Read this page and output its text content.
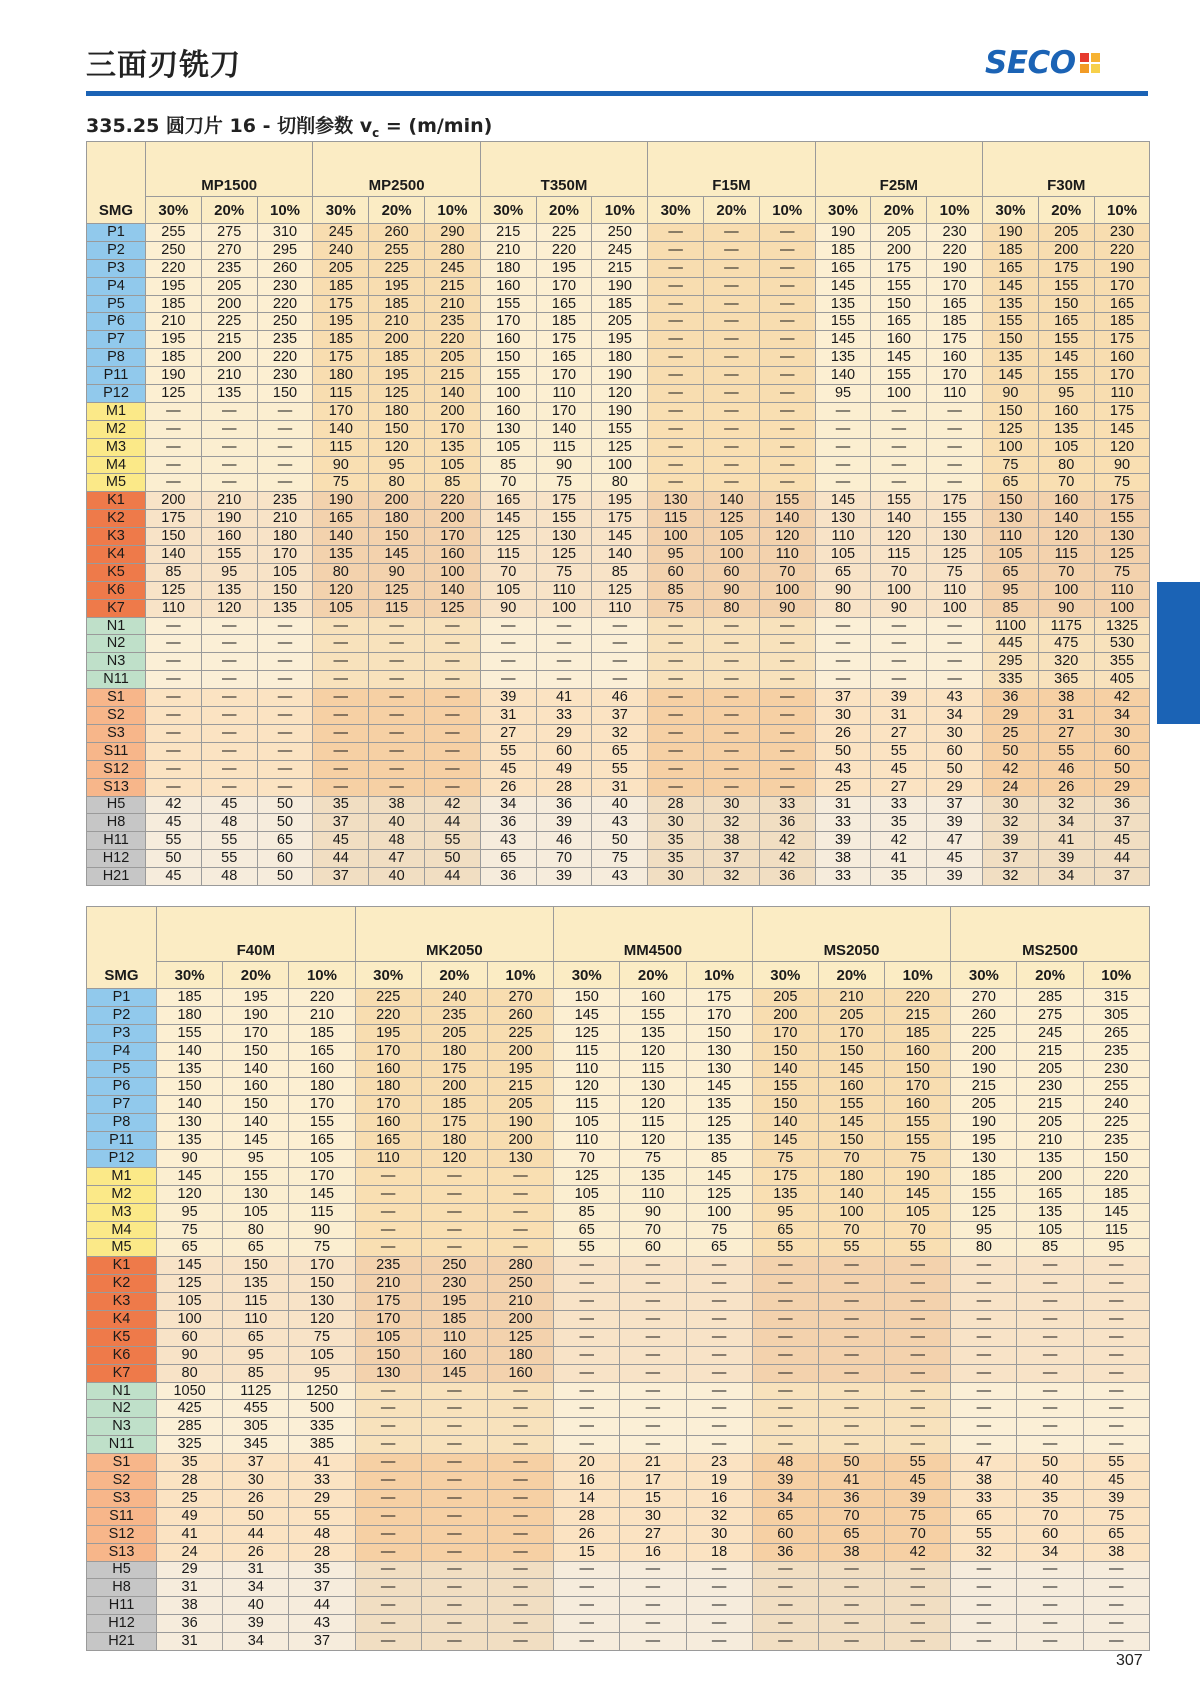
三面刃铣刀	SECO
335.25 圆刀片 16 - 切削参数 $v_c = (m/\min)$
SMG	MP1500			MP2500			T350M			F15M			F25M			F30M		
	30%	20%	10%	30%	20%	10%	30%	20%	10%	30%	20%	10%	30%	20%	10%	30%	20%	10%
P1	255	275	310	245	260	290	215	225	250	—	—	—	190	205	230	190	205	230
P2	250	270	295	240	255	280	210	220	245	—	—	—	185	200	220	185	200	220
P3	220	235	260	205	225	245	180	195	215	—	—	—	165	175	190	165	175	190
P4	195	205	230	185	195	215	160	170	190	—	—	—	145	155	170	145	155	170
P5	185	200	220	175	185	210	155	165	185	—	—	—	135	150	165	135	150	165
P6	210	225	250	195	210	235	170	185	205	—	—	—	155	165	185	155	165	185
P7	195	215	235	185	200	220	160	175	195	—	—	—	145	160	175	150	155	175
P8	185	200	220	175	185	205	150	165	180	—	—	—	135	145	160	135	145	160
P11	190	210	230	180	195	215	155	170	190	—	—	—	140	155	170	145	155	170
P12	125	135	150	115	125	140	100	110	120	—	—	—	95	100	110	90	95	110
M1	—	—	—	170	180	200	160	170	190	—	—	—	—	—	—	150	160	175
M2	—	—	—	140	150	170	130	140	155	—	—	—	—	—	—	125	135	145
M3	—	—	—	115	120	135	105	115	125	—	—	—	—	—	—	100	105	120
M4	—	—	—	90	95	105	85	90	100	—	—	—	—	—	—	75	80	90
M5	—	—	—	75	80	85	70	75	80	—	—	—	—	—	—	65	70	75
K1	200	210	235	190	200	220	165	175	195	130	140	155	145	155	175	150	160	175
K2	175	190	210	165	180	200	145	155	175	115	125	140	130	140	155	130	140	155
K3	150	160	180	140	150	170	125	130	145	100	105	120	110	120	130	110	120	130
K4	140	155	170	135	145	160	115	125	140	95	100	110	105	115	125	105	115	125
K5	85	95	105	80	90	100	70	75	85	60	60	70	65	70	75	65	70	75
K6	125	135	150	120	125	140	105	110	125	85	90	100	90	100	110	95	100	110
K7	110	120	135	105	115	125	90	100	110	75	80	90	80	90	100	85	90	100
N1	—	—	—	—	—	—	—	—	—	—	—	—	—	—	—	1100	1175	1325
N2	—	—	—	—	—	—	—	—	—	—	—	—	—	—	—	445	475	530
N3	—	—	—	—	—	—	—	—	—	—	—	—	—	—	—	295	320	355
N11	—	—	—	—	—	—	—	—	—	—	—	—	—	—	—	335	365	405
S1	—	—	—	—	—	—	39	41	46	—	—	—	37	39	43	36	38	42
S2	—	—	—	—	—	—	31	33	37	—	—	—	30	31	34	29	31	34
S3	—	—	—	—	—	—	27	29	32	—	—	—	26	27	30	25	27	30
S11	—	—	—	—	—	—	55	60	65	—	—	—	50	55	60	50	55	60
S12	—	—	—	—	—	—	45	49	55	—	—	—	43	45	50	42	46	50
S13	—	—	—	—	—	—	26	28	31	—	—	—	25	27	29	24	26	29
H5	42	45	50	35	38	42	34	36	40	28	30	33	31	33	37	30	32	36
H8	45	48	50	37	40	44	36	39	43	30	32	36	33	35	39	32	34	37
H11	55	55	65	45	48	55	43	46	50	35	38	42	39	42	47	39	41	45
H12	50	55	60	44	47	50	65	70	75	35	37	42	38	41	45	37	39	44
H21	45	48	50	37	40	44	36	39	43	30	32	36	33	35	39	32	34	37
SMG	F40M			MK2050			MM4500			MS2050			MS2500		
	30%	20%	10%	30%	20%	10%	30%	20%	10%	30%	20%	10%	30%	20%	10%
P1	185	195	220	225	240	270	150	160	175	205	210	220	270	285	315
P2	180	190	210	220	235	260	145	155	170	200	205	215	260	275	305
P3	155	170	185	195	205	225	125	135	150	170	170	185	225	245	265
P4	140	150	165	170	180	200	115	120	130	150	150	160	200	215	235
P5	135	140	160	160	175	195	110	115	130	140	145	150	190	205	230
P6	150	160	180	180	200	215	120	130	145	155	160	170	215	230	255
P7	140	150	170	170	185	205	115	120	135	150	155	160	205	215	240
P8	130	140	155	160	175	190	105	115	125	140	145	155	190	205	225
P11	135	145	165	165	180	200	110	120	135	145	150	155	195	210	235
P12	90	95	105	110	120	130	70	75	85	75	70	75	130	135	150
M1	145	155	170	—	—	—	125	135	145	175	180	190	185	200	220
M2	120	130	145	—	—	—	105	110	125	135	140	145	155	165	185
M3	95	105	115	—	—	—	85	90	100	95	100	105	125	135	145
M4	75	80	90	—	—	—	65	70	75	65	70	70	95	105	115
M5	65	65	75	—	—	—	55	60	65	55	55	55	80	85	95
K1	145	150	170	235	250	280	—	—	—	—	—	—	—	—	—
K2	125	135	150	210	230	250	—	—	—	—	—	—	—	—	—
K3	105	115	130	175	195	210	—	—	—	—	—	—	—	—	—
K4	100	110	120	170	185	200	—	—	—	—	—	—	—	—	—
K5	60	65	75	105	110	125	—	—	—	—	—	—	—	—	—
K6	90	95	105	150	160	180	—	—	—	—	—	—	—	—	—
K7	80	85	95	130	145	160	—	—	—	—	—	—	—	—	—
N1	1050	1125	1250	—	—	—	—	—	—	—	—	—	—	—	—
N2	425	455	500	—	—	—	—	—	—	—	—	—	—	—	—
N3	285	305	335	—	—	—	—	—	—	—	—	—	—	—	—
N11	325	345	385	—	—	—	—	—	—	—	—	—	—	—	—
S1	35	37	41	—	—	—	20	21	23	48	50	55	47	50	55
S2	28	30	33	—	—	—	16	17	19	39	41	45	38	40	45
S3	25	26	29	—	—	—	14	15	16	34	36	39	33	35	39
S11	49	50	55	—	—	—	28	30	32	65	70	75	65	70	75
S12	41	44	48	—	—	—	26	27	30	60	65	70	55	60	65
S13	24	26	28	—	—	—	15	16	18	36	38	42	32	34	38
H5	29	31	35	—	—	—	—	—	—	—	—	—	—	—	—
H8	31	34	37	—	—	—	—	—	—	—	—	—	—	—	—
H11	38	40	44	—	—	—	—	—	—	—	—	—	—	—	—
H12	36	39	43	—	—	—	—	—	—	—	—	—	—	—	—
H21	31	34	37	—	—	—	—	—	—	—	—	—	—	—	—
307
